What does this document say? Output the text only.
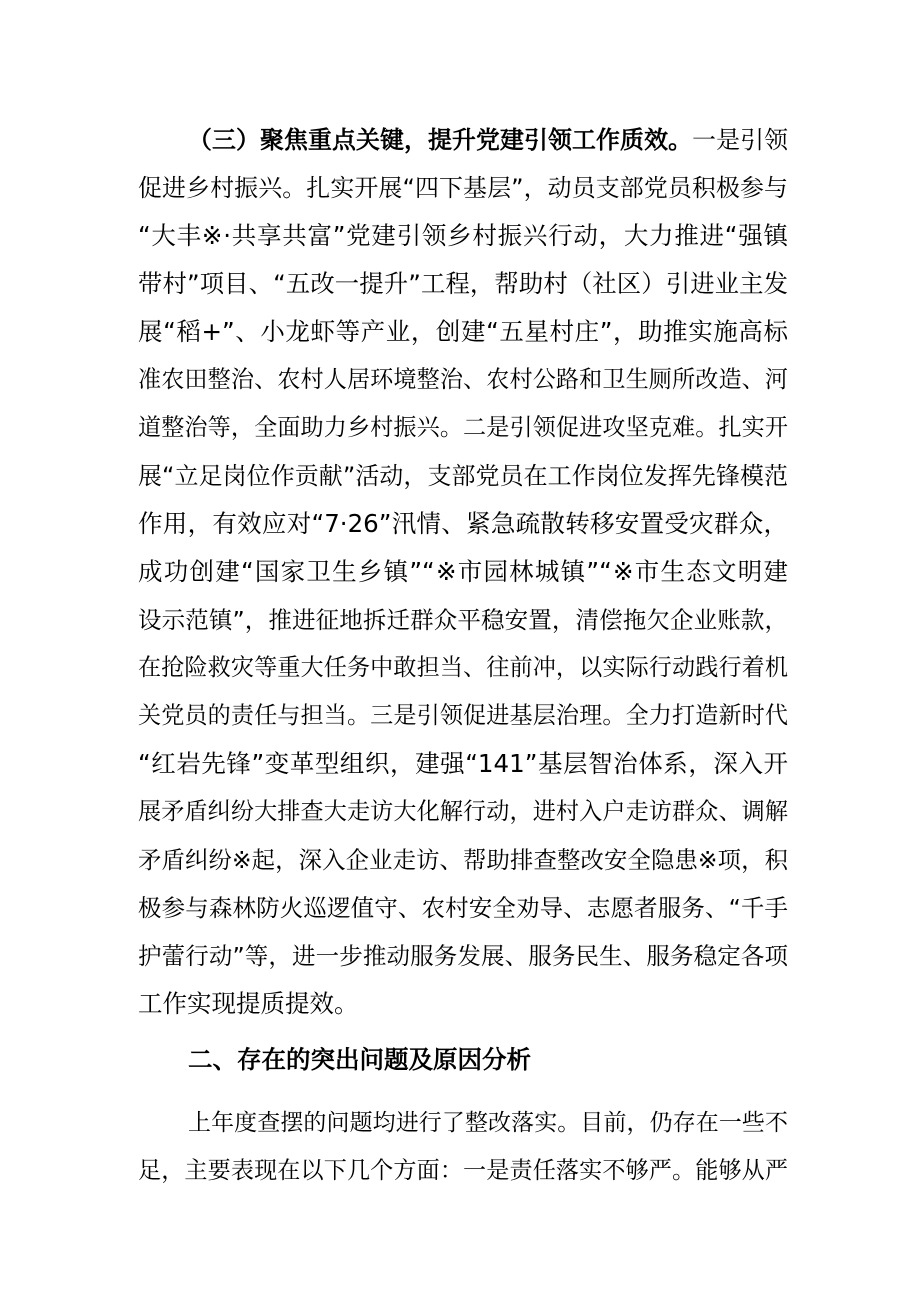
（三）聚焦重点关键，提升党建引领工作质效。一是引领
促进乡村振兴。扎实开展“四下基层”，动员支部党员积极参与
“大丰※·共享共富”党建引领乡村振兴行动，大力推进“强镇
带村”项目、“五改一提升”工程，帮助村（社区）引进业主发
展“稻+”、小龙虾等产业，创建“五星村庄”，助推实施高标
准农田整治、农村人居环境整治、农村公路和卫生厕所改造、河
道整治等，全面助力乡村振兴。二是引领促进攻坚克难。扎实开
展“立足岗位作贡献”活动，支部党员在工作岗位发挥先锋模范
作用，有效应对“7·26”汛情、紧急疏散转移安置受灾群众，
成功创建“国家卫生乡镇”“※市园林城镇”“※市生态文明建
设示范镇”，推进征地拆迁群众平稳安置，清偿拖欠企业账款，
在抢险救灾等重大任务中敢担当、往前冲，以实际行动践行着机
关党员的责任与担当。三是引领促进基层治理。全力打造新时代
“红岩先锋”变革型组织，建强“141”基层智治体系，深入开
展矛盾纠纷大排查大走访大化解行动，进村入户走访群众、调解
矛盾纠纷※起，深入企业走访、帮助排查整改安全隐患※项，积
极参与森林防火巡逻值守、农村安全劝导、志愿者服务、“千手
护蕾行动”等，进一步推动服务发展、服务民生、服务稳定各项
工作实现提质提效。
二、存在的突出问题及原因分析
上年度查摆的问题均进行了整改落实。目前，仍存在一些不
足，主要表现在以下几个方面：一是责任落实不够严。能够从严
